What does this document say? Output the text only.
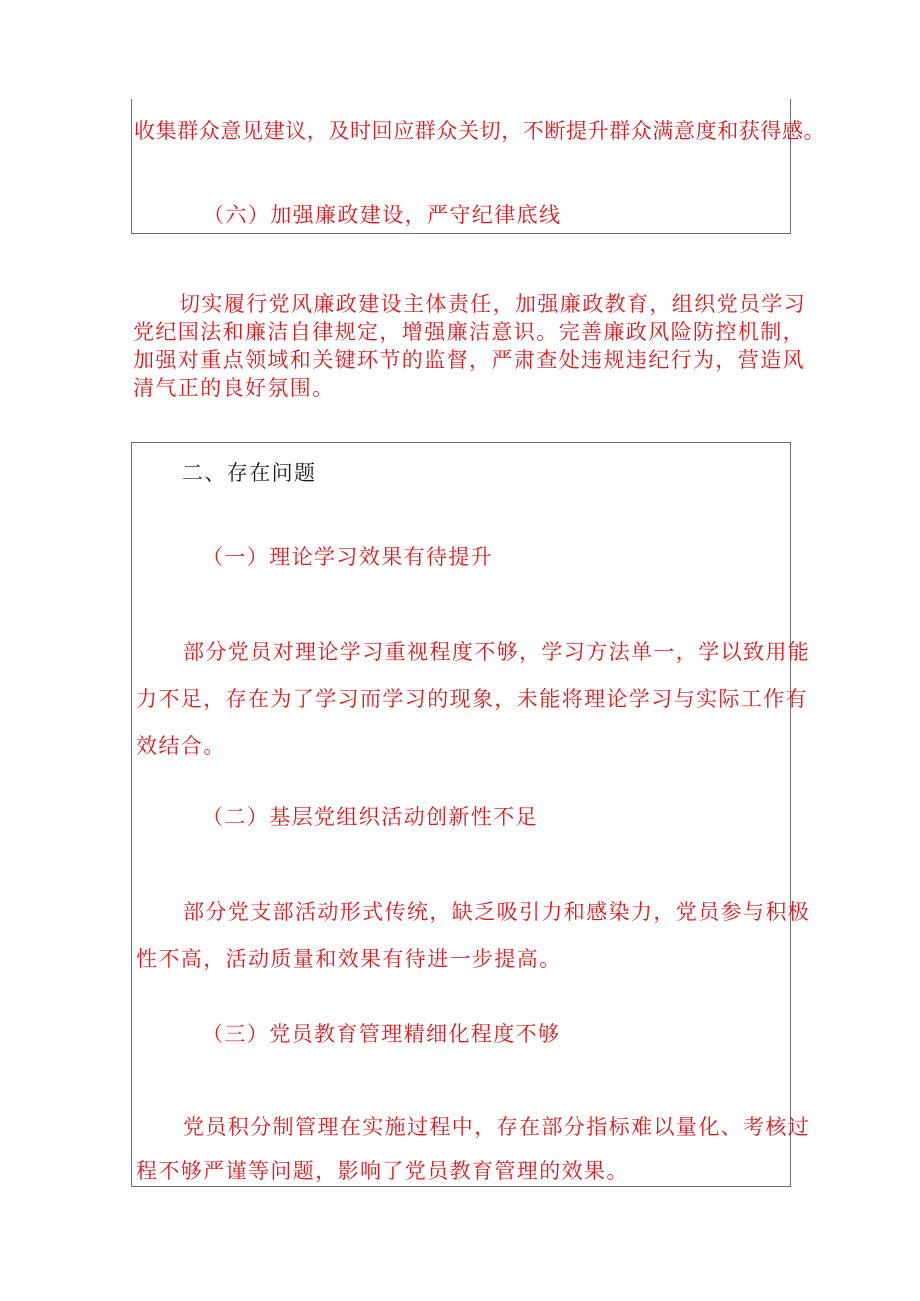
收集群众意见建议，及时回应群众关切，不断提升群众满意度和获得感。
（六）加强廉政建设，严守纪律底线
切实履行党风廉政建设主体责任，加强廉政教育，组织党员学习
党纪国法和廉洁自律规定，增强廉洁意识。完善廉政风险防控机制，
加强对重点领域和关键环节的监督，严肃查处违规违纪行为，营造风
清气正的良好氛围。
二、存在问题
（一）理论学习效果有待提升
部分党员对理论学习重视程度不够，学习方法单一，学以致用能
力不足，存在为了学习而学习的现象，未能将理论学习与实际工作有
效结合。
（二）基层党组织活动创新性不足
部分党支部活动形式传统，缺乏吸引力和感染力，党员参与积极
性不高，活动质量和效果有待进一步提高。
（三）党员教育管理精细化程度不够
党员积分制管理在实施过程中，存在部分指标难以量化、考核过
程不够严谨等问题，影响了党员教育管理的效果。
